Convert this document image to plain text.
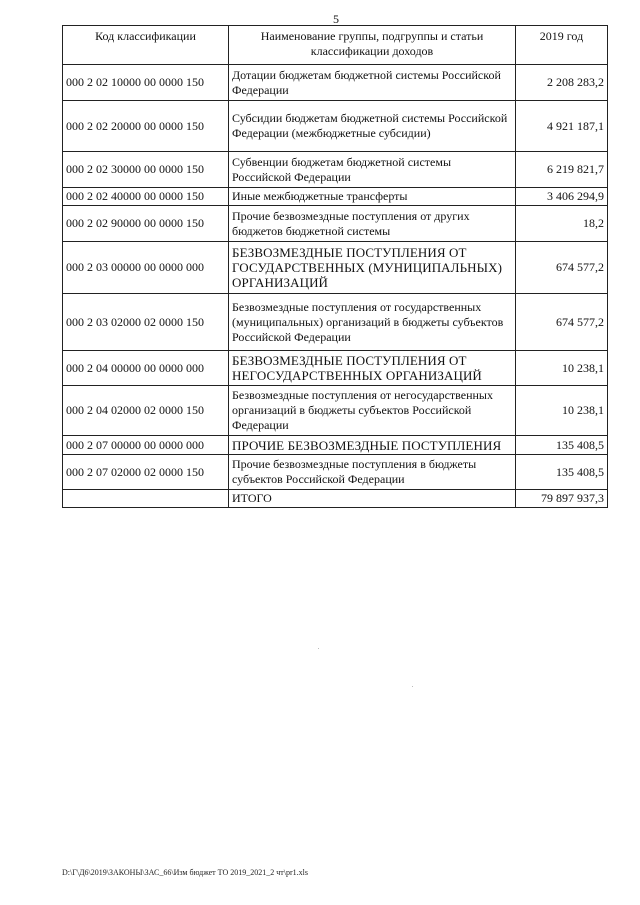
5
Код классификации	Наименование группы, подгруппы и статьи классификации доходов	2019 год
000 2 02 10000 00 0000 150	Дотации бюджетам бюджетной системы Российской Федерации	2 208 283,2
000 2 02 20000 00 0000 150	Субсидии бюджетам бюджетной системы Российской Федерации (межбюджетные субсидии)	4 921 187,1
000 2 02 30000 00 0000 150	Субвенции бюджетам бюджетной системы Российской Федерации	6 219 821,7
000 2 02 40000 00 0000 150	Иные межбюджетные трансферты	3 406 294,9
000 2 02 90000 00 0000 150	Прочие безвозмездные поступления от других бюджетов бюджетной системы	18,2
000 2 03 00000 00 0000 000	БЕЗВОЗМЕЗДНЫЕ ПОСТУПЛЕНИЯ ОТ ГОСУДАРСТВЕННЫХ (МУНИЦИПАЛЬНЫХ) ОРГАНИЗАЦИЙ	674 577,2
000 2 03 02000 02 0000 150	Безвозмездные поступления от государственных (муниципальных) организаций в бюджеты субъектов Российской Федерации	674 577,2
000 2 04 00000 00 0000 000	БЕЗВОЗМЕЗДНЫЕ ПОСТУПЛЕНИЯ ОТ НЕГОСУДАРСТВЕННЫХ ОРГАНИЗАЦИЙ	10 238,1
000 2 04 02000 02 0000 150	Безвозмездные поступления от негосударственных организаций в бюджеты субъектов Российской Федерации	10 238,1
000 2 07 00000 00 0000 000	ПРОЧИЕ БЕЗВОЗМЕЗДНЫЕ ПОСТУПЛЕНИЯ	135 408,5
000 2 07 02000 02 0000 150	Прочие безвозмездные поступления в бюджеты субъектов Российской Федерации	135 408,5
	ИТОГО	79 897 937,3
D:\Г\Д6\2019\ЗАКОНЫ\ЗАС_66\Изм бюджет ТО 2019_2021_2 чт\pr1.xls
